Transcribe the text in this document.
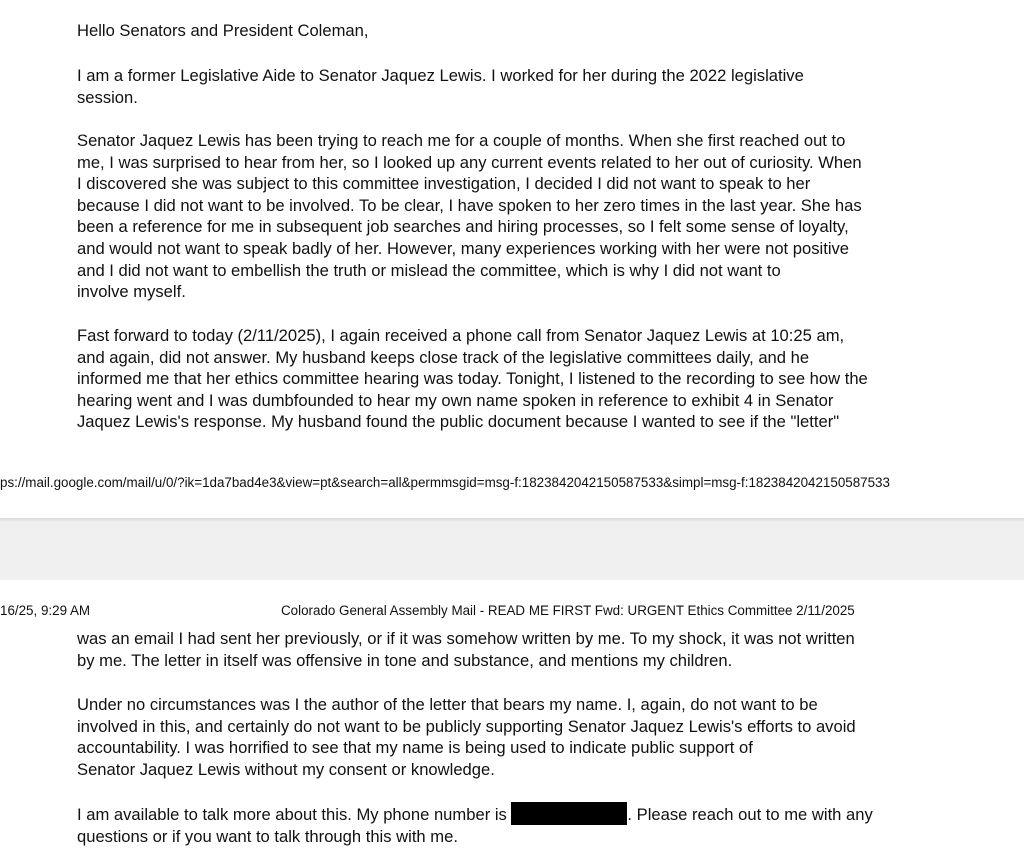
Hello Senators and President Coleman,
I am a former Legislative Aide to Senator Jaquez Lewis. I worked for her during the 2022 legislative
session.
Senator Jaquez Lewis has been trying to reach me for a couple of months. When she first reached out to
me, I was surprised to hear from her, so I looked up any current events related to her out of curiosity. When
I discovered she was subject to this committee investigation, I decided I did not want to speak to her
because I did not want to be involved. To be clear, I have spoken to her zero times in the last year. She has
been a reference for me in subsequent job searches and hiring processes, so I felt some sense of loyalty,
and would not want to speak badly of her. However, many experiences working with her were not positive
and I did not want to embellish the truth or mislead the committee, which is why I did not want to
involve myself.
Fast forward to today (2/11/2025), I again received a phone call from Senator Jaquez Lewis at 10:25 am,
and again, did not answer. My husband keeps close track of the legislative committees daily, and he
informed me that her ethics committee hearing was today. Tonight, I listened to the recording to see how the
hearing went and I was dumbfounded to hear my own name spoken in reference to exhibit 4 in Senator
Jaquez Lewis's response. My husband found the public document because I wanted to see if the "letter"
ps://mail.google.com/mail/u/0/?ik=1da7bad4e3&view=pt&search=all&permmsgid=msg-f:1823842042150587533&simpl=msg-f:1823842042150587533
16/25, 9:29 AM	Colorado General Assembly Mail - READ ME FIRST Fwd: URGENT Ethics Committee 2/11/2025
was an email I had sent her previously, or if it was somehow written by me. To my shock, it was not written
by me. The letter in itself was offensive in tone and substance, and mentions my children.
Under no circumstances was I the author of the letter that bears my name. I, again, do not want to be
involved in this, and certainly do not want to be publicly supporting Senator Jaquez Lewis's efforts to avoid
accountability. I was horrified to see that my name is being used to indicate public support of
Senator Jaquez Lewis without my consent or knowledge.
I am available to talk more about this. My phone number is	. Please reach out to me with any
questions or if you want to talk through this with me.
